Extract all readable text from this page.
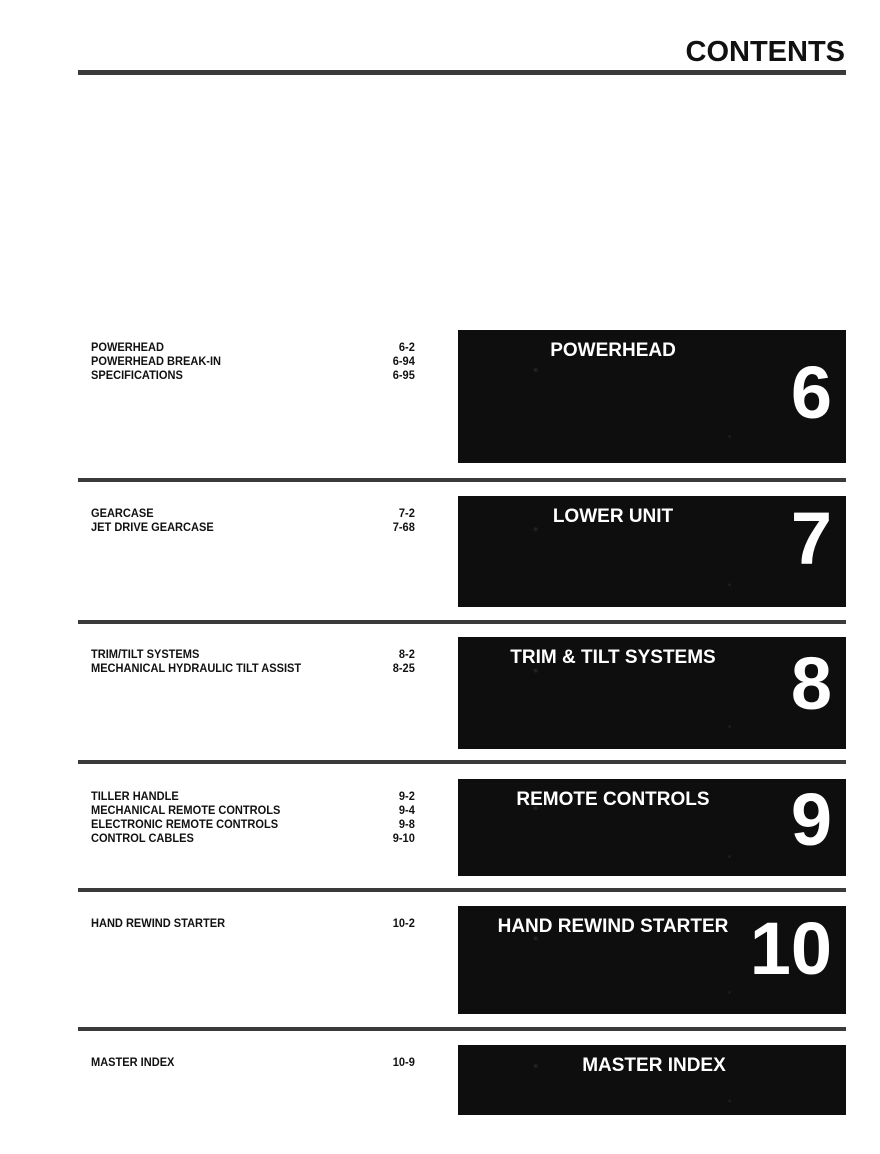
CONTENTS
POWERHEAD	6-2
POWERHEAD BREAK-IN	6-94
SPECIFICATIONS	6-95
POWERHEAD
6
GEARCASE	7-2
JET DRIVE GEARCASE	7-68	LOWER UNIT	7
TRIM/TILT SYSTEMS	8-2
MECHANICAL HYDRAULIC TILT ASSIST	8-25	TRIM & TILT SYSTEMS	8
TILLER HANDLE	9-2
MECHANICAL REMOTE CONTROLS	9-4
ELECTRONIC REMOTE CONTROLS	9-8
CONTROL CABLES	9-10
REMOTE CONTROLS	9
HAND REWIND STARTER	10-2	HAND REWIND STARTER 10
MASTER INDEX	10-9	MASTER INDEX
